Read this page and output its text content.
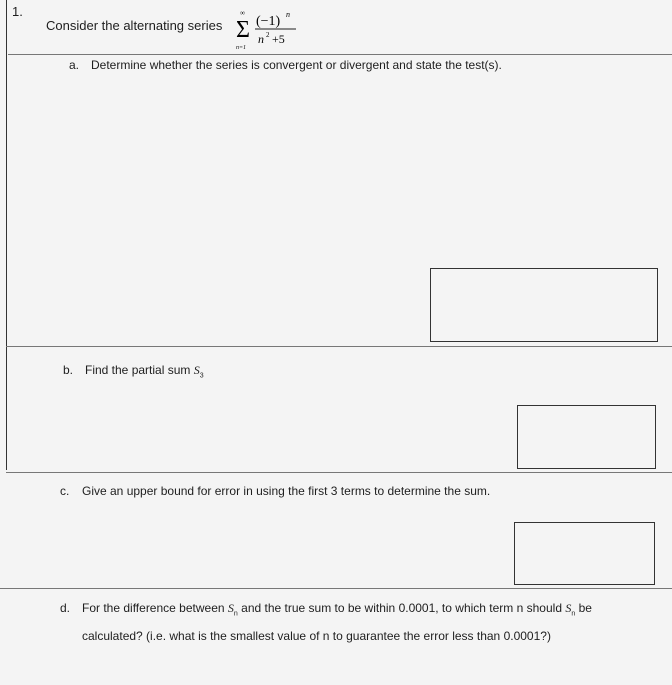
1.
Consider the alternating series
∞
Σ
n=1
(−1) n
n 2 +5
a. Determine whether the series is convergent or divergent and state the test(s).
b. Find the partial sum $S_3$
c. Give an upper bound for error in using the first 3 terms to determine the sum.
d. For the difference between $S_n$ and the true sum to be within 0.0001, to which term n should $S_n$ be
calculated? (i.e. what is the smallest value of n to guarantee the error less than 0.0001?)
